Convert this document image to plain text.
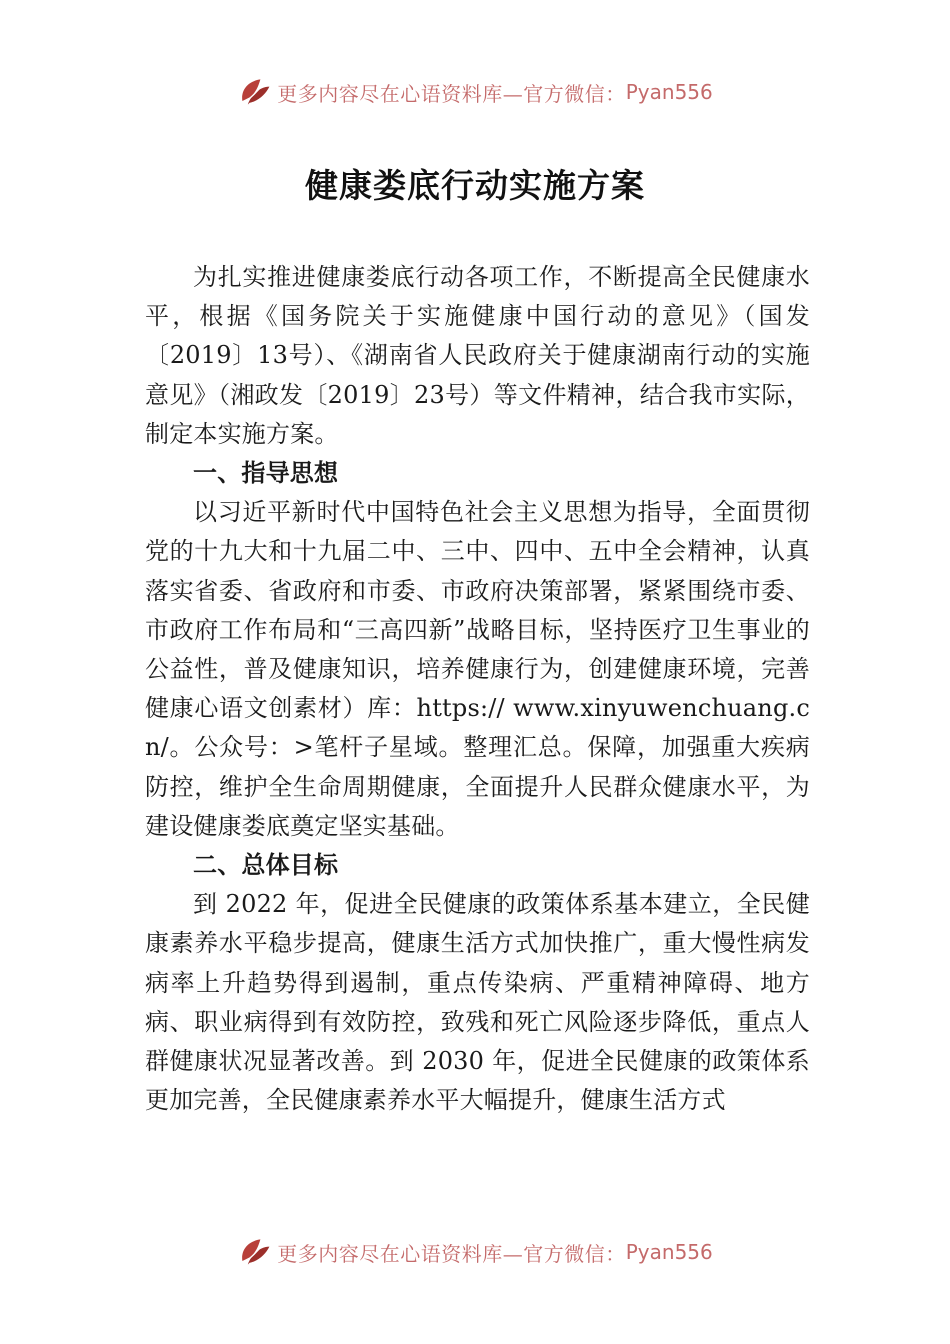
更多内容尽在心语资料库—官方微信： Pyan556
健康娄底行动实施方案

为扎实推进健康娄底行动各项工作，不断提高全民健康水平，根据《国务院关于实施健康中国行动的意见》（国发〔2019〕13号）、《湖南省人民政府关于健康湖南行动的实施意见》（湘政发〔2019〕23号）等文件精神，结合我市实际， 制定本实施方案。

一、指导思想

以习近平新时代中国特色社会主义思想为指导，全面贯彻党的十九大和十九届二中、三中、四中、五中全会精神，认真落实省委、省政府和市委、市政府决策部署，紧紧围绕市委、市政府工作布局和“三高四新”战略目标，坚持医疗卫生事业的公益性，普及健康知识，培养健康行为，创建健康环境，完善健康心语文创素材）库：https:// www.xinyuwenchuang.cn/。公众号：>笔杆子星域。整理汇总。保障，加强重大疾病防控，维护全生命周期健康，全面提升人民群众健康水平，为建设健康娄底奠定坚实基础。

二、总体目标

到 2022 年，促进全民健康的政策体系基本建立，全民健康素养水平稳步提高，健康生活方式加快推广，重大慢性病发病率上升趋势得到遏制，重点传染病、严重精神障碍、地方病、职业病得到有效防控，致残和死亡风险逐步降低，重点人群健康状况显著改善。到 2030 年，促进全民健康的政策体系更加完善，全民健康素养水平大幅提升，健康生活方式

更多内容尽在心语资料库—官方微信： Pyan556
